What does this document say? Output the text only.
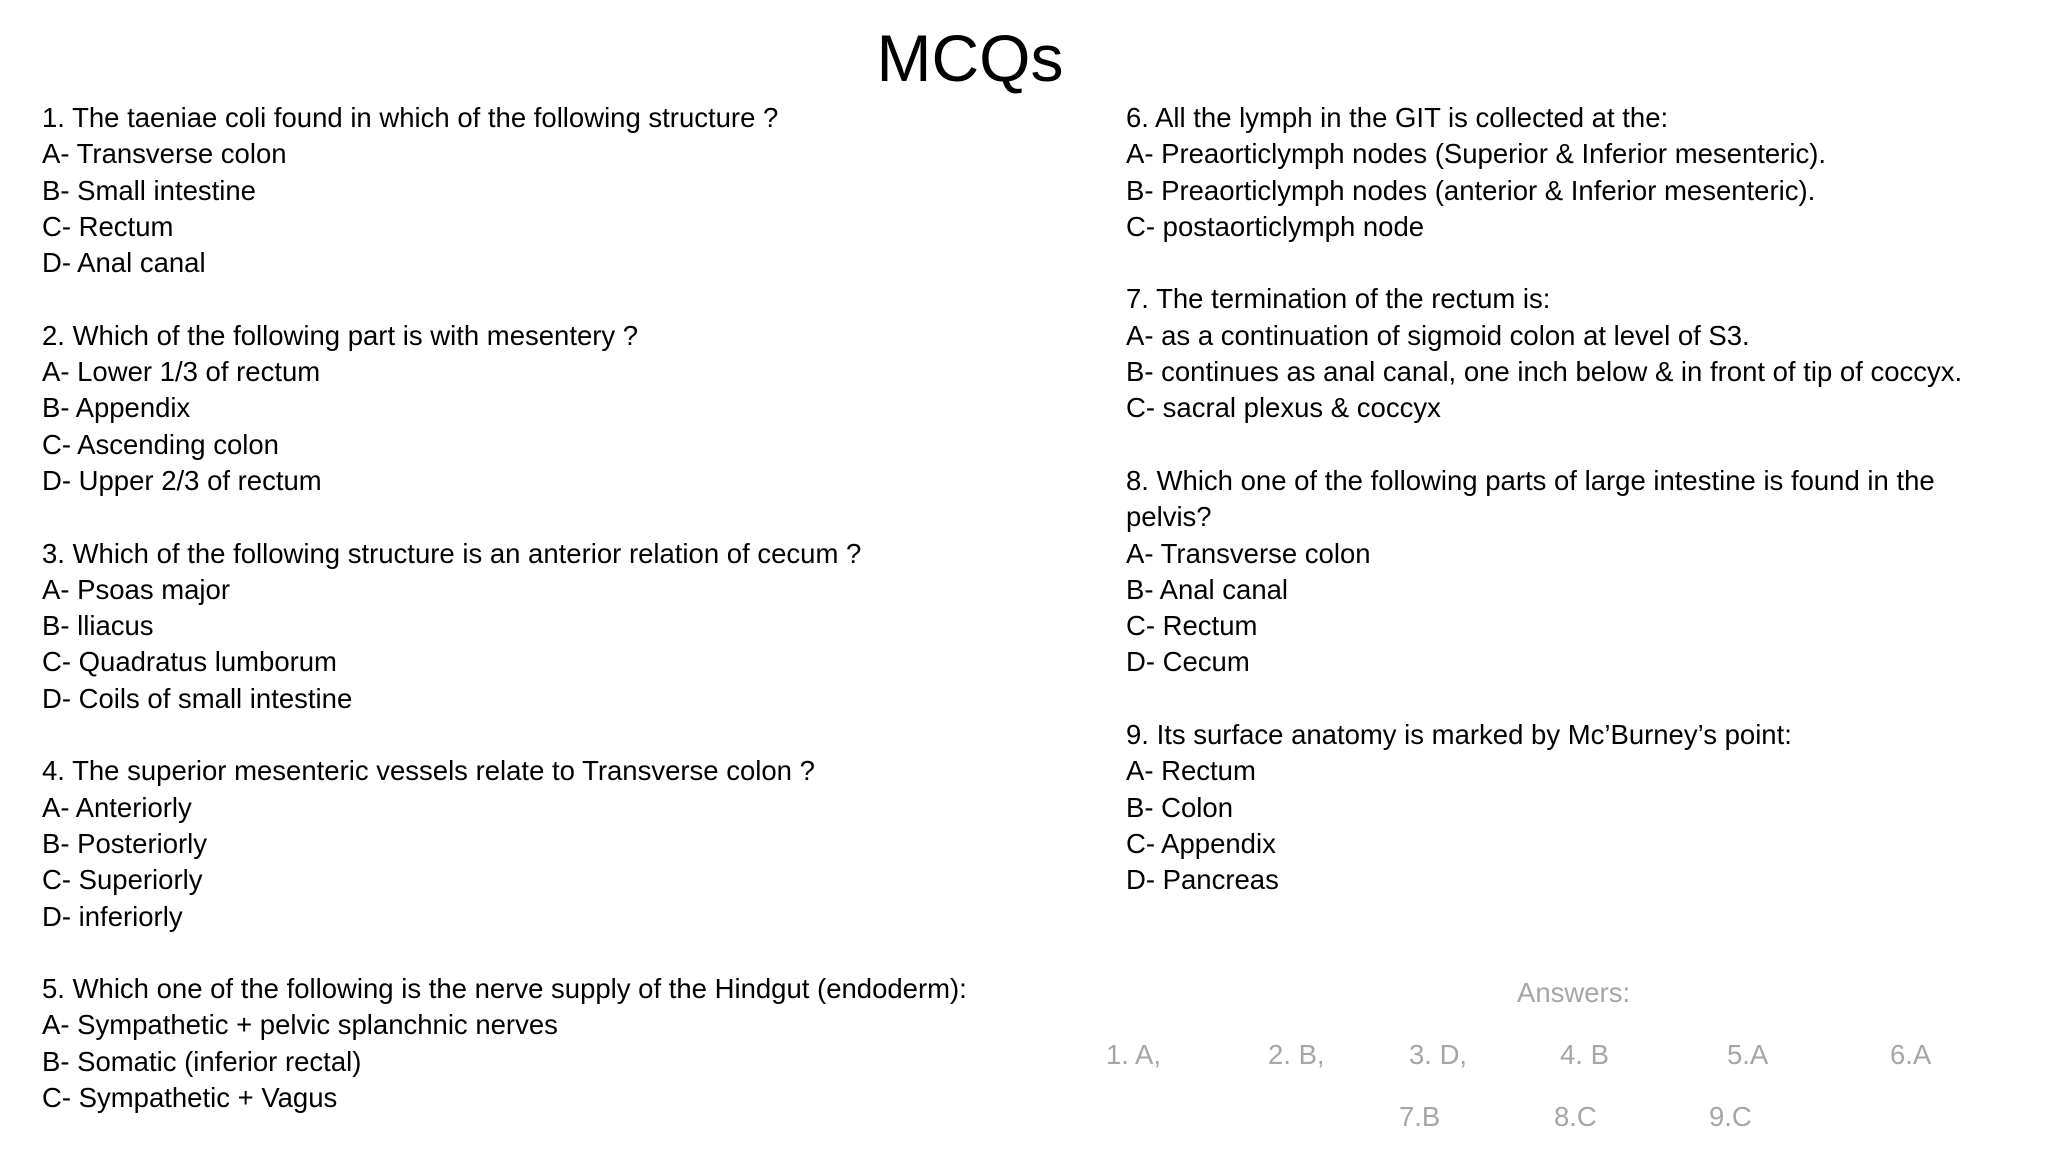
MCQs
1. The taeniae coli found in which of the following structure ?
A- Transverse colon
B- Small intestine
C- Rectum
D- Anal canal
2. Which of the following part is with mesentery ?
A- Lower 1/3 of rectum
B- Appendix
C- Ascending colon
D- Upper 2/3 of rectum
3. Which of the following structure is an anterior relation of cecum ?
A- Psoas major
B- lliacus
C- Quadratus lumborum
D- Coils of small intestine
4. The superior mesenteric vessels relate to Transverse colon ?
A- Anteriorly
B- Posteriorly
C- Superiorly
D- inferiorly
5. Which one of the following is the nerve supply of the Hindgut (endoderm):
A- Sympathetic + pelvic splanchnic nerves
B- Somatic (inferior rectal)
C- Sympathetic + Vagus
6. All the lymph in the GIT is collected at the:
A- Preaorticlymph nodes (Superior & Inferior mesenteric).
B- Preaorticlymph nodes (anterior & Inferior mesenteric).
C- postaorticlymph node
7. The termination of the rectum is:
A- as a continuation of sigmoid colon at level of S3.
B- continues as anal canal, one inch below & in front of tip of coccyx.
C- sacral plexus & coccyx
8. Which one of the following parts of large intestine is found in the pelvis?
A- Transverse colon
B- Anal canal
C- Rectum
D- Cecum
9. Its surface anatomy is marked by Mc’Burney’s point:
A- Rectum
B- Colon
C- Appendix
D- Pancreas
Answers:
1. A,	2. B,	3. D,	4. B	5.A	6.A
7.B	8.C	9.C
